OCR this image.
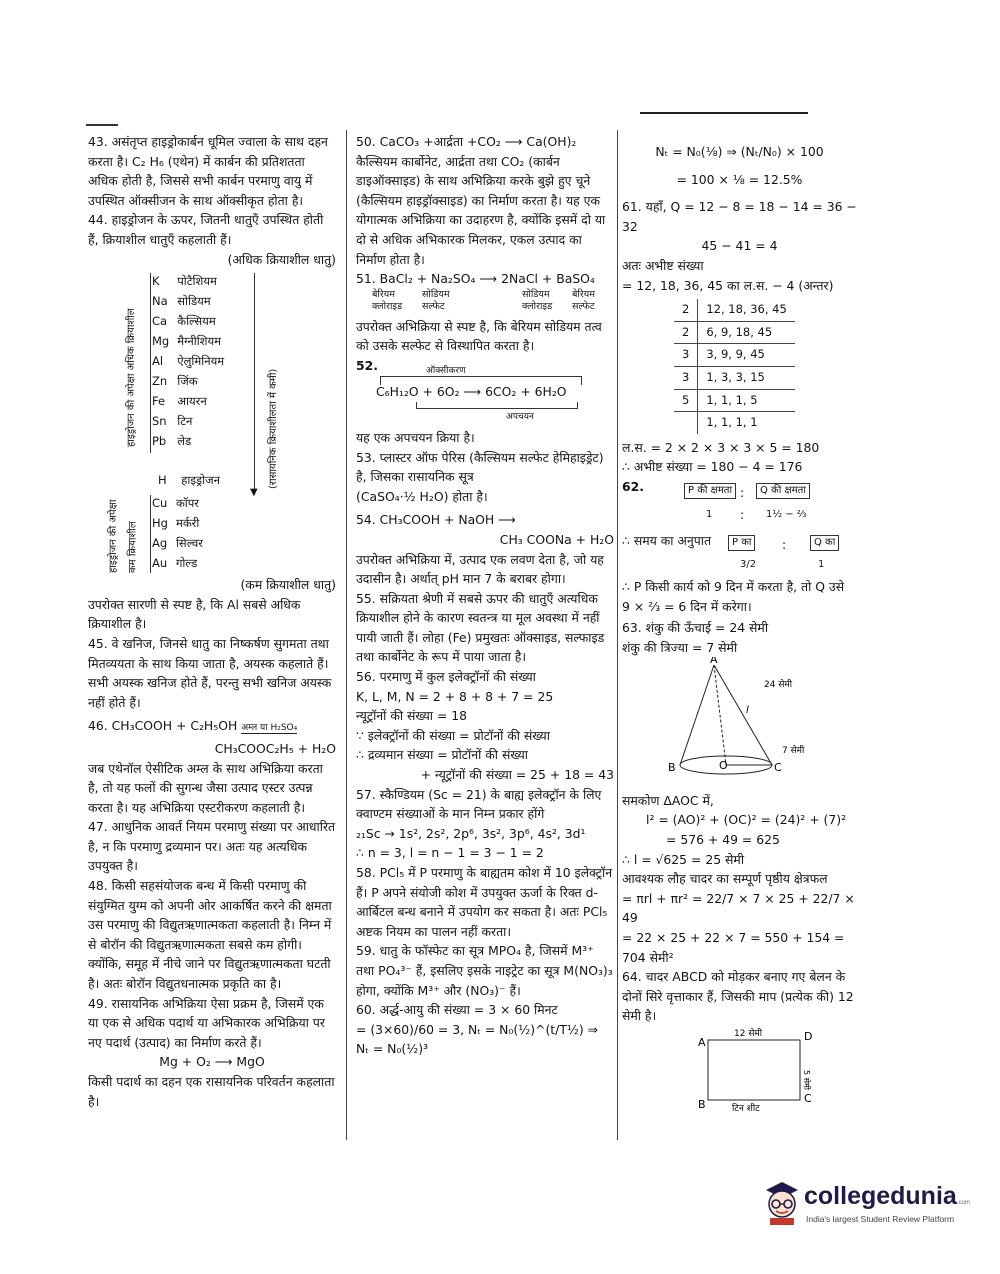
43. असंतृप्त हाइड्रोकार्बन धूमिल ज्वाला के साथ दहन करता है। C₂ H₆ (एथेन) में कार्बन की प्रतिशतता अधिक होती है, जिससे सभी कार्बन परमाणु वायु में उपस्थित ऑक्सीजन के साथ ऑक्सीकृत होता है।

44. हाइड्रोजन के ऊपर, जितनी धातुएँ उपस्थित होती हैं, क्रियाशील धातुएँ कहलाती हैं।

(अधिक क्रियाशील धातु)

हाइड्रोजन की अपेक्षा अधिक क्रियाशील	(रासायनिक क्रियाशीलता में कमी)
▼
K	पोटैशियम
Na	सोडियम
Ca	कैल्सियम
Mg	मैग्नीशियम
Al	ऐलुमिनियम
Zn	जिंक
Fe	आयरन
Sn	टिन
Pb	लेड
H हाइड्रोजन
हाइड्रोजन की अपेक्षा कम क्रियाशील
Cu	कॉपर
Hg	मर्करी
Ag	सिल्वर
Au	गोल्ड

(कम क्रियाशील धातु)

उपरोक्त सारणी से स्पष्ट है, कि Al सबसे अधिक क्रियाशील है।

45. वे खनिज, जिनसे धातु का निष्कर्षण सुगमता तथा मितव्ययता के साथ किया जाता है, अयस्क कहलाते हैं। सभी अयस्क खनिज होते हैं, परन्तु सभी खनिज अयस्क नहीं होते हैं।

46. CH₃COOH + C₂H₅OH अम्ल या H₂SO₄

CH₃COOC₂H₅ + H₂O

जब एथेनॉल ऐसीटिक अम्ल के साथ अभिक्रिया करता है, तो यह फलों की सुगन्ध जैसा उत्पाद एस्टर उत्पन्न करता है। यह अभिक्रिया एस्टरीकरण कहलाती है।

47. आधुनिक आवर्त नियम परमाणु संख्या पर आधारित है, न कि परमाणु द्रव्यमान पर। अतः यह अत्यधिक उपयुक्त है।

48. किसी सहसंयोजक बन्ध में किसी परमाणु की संयुग्मित युग्म को अपनी ओर आकर्षित करने की क्षमता उस परमाणु की विद्युतऋणात्मकता कहलाती है। निम्न में से बोरॉन की विद्युतऋणात्मकता सबसे कम होगी। क्योंकि, समूह में नीचे जाने पर विद्युतऋणात्मकता घटती है। अतः बोरॉन विद्युतधनात्मक प्रकृति का है।

49. रासायनिक अभिक्रिया ऐसा प्रक्रम है, जिसमें एक या एक से अधिक पदार्थ या अभिकारक अभिक्रिया पर नए पदार्थ (उत्पाद) का निर्माण करते हैं।

Mg + O₂ ⟶ MgO

किसी पदार्थ का दहन एक रासायनिक परिवर्तन कहलाता है।

50. CaCO₃ +आर्द्रता +CO₂ ⟶ Ca(OH)₂

कैल्सियम कार्बोनेट, आर्द्रता तथा CO₂ (कार्बन डाइऑक्साइड) के साथ अभिक्रिया करके बुझे हुए चूने (कैल्सियम हाइड्रॉक्साइड) का निर्माण करता है। यह एक योगात्मक अभिक्रिया का उदाहरण है, क्योंकि इसमें दो या दो से अधिक अभिकारक मिलकर, एकल उत्पाद का निर्माण होता है।

51. BaCl₂ + Na₂SO₄ ⟶ 2NaCl + BaSO₄

बेरियम क्लोराइड
सोडियम सल्फेट
सोडियम क्लोराइड
बेरियम सल्फेट

उपरोक्त अभिक्रिया से स्पष्ट है, कि बेरियम सोडियम तत्व को उसके सल्फेट से विस्थापित करता है।

52.	ऑक्सीकरण
C₆H₁₂O + 6O₂ ⟶ 6CO₂ + 6H₂O
अपचयन

यह एक अपचयन क्रिया है।

53. प्लास्टर ऑफ पेरिस (कैल्सियम सल्फेट हेमिहाइड्रेट) है, जिसका रासायनिक सूत्र

(CaSO₄·½ H₂O) होता है।

54. CH₃COOH + NaOH ⟶

CH₃ COONa + H₂O

उपरोक्त अभिक्रिया में, उत्पाद एक लवण देता है, जो यह उदासीन है। अर्थात् pH मान 7 के बराबर होगा।

55. सक्रियता श्रेणी में सबसे ऊपर की धातुएँ अत्यधिक क्रियाशील होने के कारण स्वतन्त्र या मूल अवस्था में नहीं पायी जाती हैं। लोहा (Fe) प्रमुखतः ऑक्साइड, सल्फाइड तथा कार्बोनेट के रूप में पाया जाता है।

56. परमाणु में कुल इलेक्ट्रॉनों की संख्या

K, L, M, N = 2 + 8 + 8 + 7 = 25

न्यूट्रॉनों की संख्या = 18

∵ इलेक्ट्रॉनों की संख्या = प्रोटॉनों की संख्या

∴ द्रव्यमान संख्या = प्रोटॉनों की संख्या

+ न्यूट्रॉनों की संख्या = 25 + 18 = 43

57. स्कैण्डियम (Sc = 21) के बाह्य इलेक्ट्रॉन के लिए क्वाण्टम संख्याओं के मान निम्न प्रकार होंगे

₂₁Sc → 1s², 2s², 2p⁶, 3s², 3p⁶, 4s², 3d¹

∴ n = 3, l = n − 1 = 3 − 1 = 2

58. PCl₅ में P परमाणु के बाह्यतम कोश में 10 इलेक्ट्रॉन हैं। P अपने संयोजी कोश में उपयुक्त ऊर्जा के रिक्त d-आर्बिटल बन्ध बनाने में उपयोग कर सकता है। अतः PCl₅ अष्टक नियम का पालन नहीं करता।

59. धातु के फॉस्फेट का सूत्र MPO₄ है, जिसमें M³⁺ तथा PO₄³⁻ हैं, इसलिए इसके नाइट्रेट का सूत्र M(NO₃)₃ होगा, क्योंकि M³⁺ और (NO₃)⁻ हैं।

60. अर्द्ध-आयु की संख्या = 3 × 60 मिनट

= (3×60)/60 = 3, Nₜ = N₀(½)^(t/T½) ⇒ Nₜ = N₀(½)³

Nₜ = N₀(⅛) ⇒ (Nₜ/N₀) × 100

= 100 × ⅛ = 12.5%

61. यहाँ, Q = 12 − 8 = 18 − 14 = 36 − 32

45 − 41 = 4

अतः अभीष्ट संख्या

= 12, 18, 36, 45 का ल.स. − 4 (अन्तर)

2	12, 18, 36, 45
2	6, 9, 18, 45
3	3, 9, 9, 45
3	1, 3, 3, 15
5	1, 1, 1, 5
	1, 1, 1, 1

ल.स. = 2 × 2 × 3 × 3 × 5 = 180

∴ अभीष्ट संख्या = 180 − 4 = 176

62.	P की क्षमता :	Q की क्षमता
1 : 1½ − ⅔
∴ समय का अनुपात	P का	:	Q का
3/2	1

∴ P किसी कार्य को 9 दिन में करता है, तो Q उसे

9 × ⅔ = 6 दिन में करेगा।

63. शंकु की ऊँचाई = 24 सेमी

शंकु की त्रिज्या = 7 सेमी

A
B	O	C
l
24 सेमी
7 सेमी

समकोण ΔAOC में,

l² = (AO)² + (OC)² = (24)² + (7)²

= 576 + 49 = 625

∴ l = √625 = 25 सेमी

आवश्यक लौह चादर का सम्पूर्ण पृष्ठीय क्षेत्रफल

= πrl + πr² = 22/7 × 7 × 25 + 22/7 × 49

= 22 × 25 + 22 × 7 = 550 + 154 = 704 सेमी²

64. चादर ABCD को मोड़कर बनाए गए बेलन के दोनों सिरे वृत्ताकार हैं, जिसकी माप (प्रत्येक की) 12 सेमी है।

A	D
B	C
12 सेमी
5 सेमी
टिन शीट
collegedunia.com
India's largest Student Review Platform
